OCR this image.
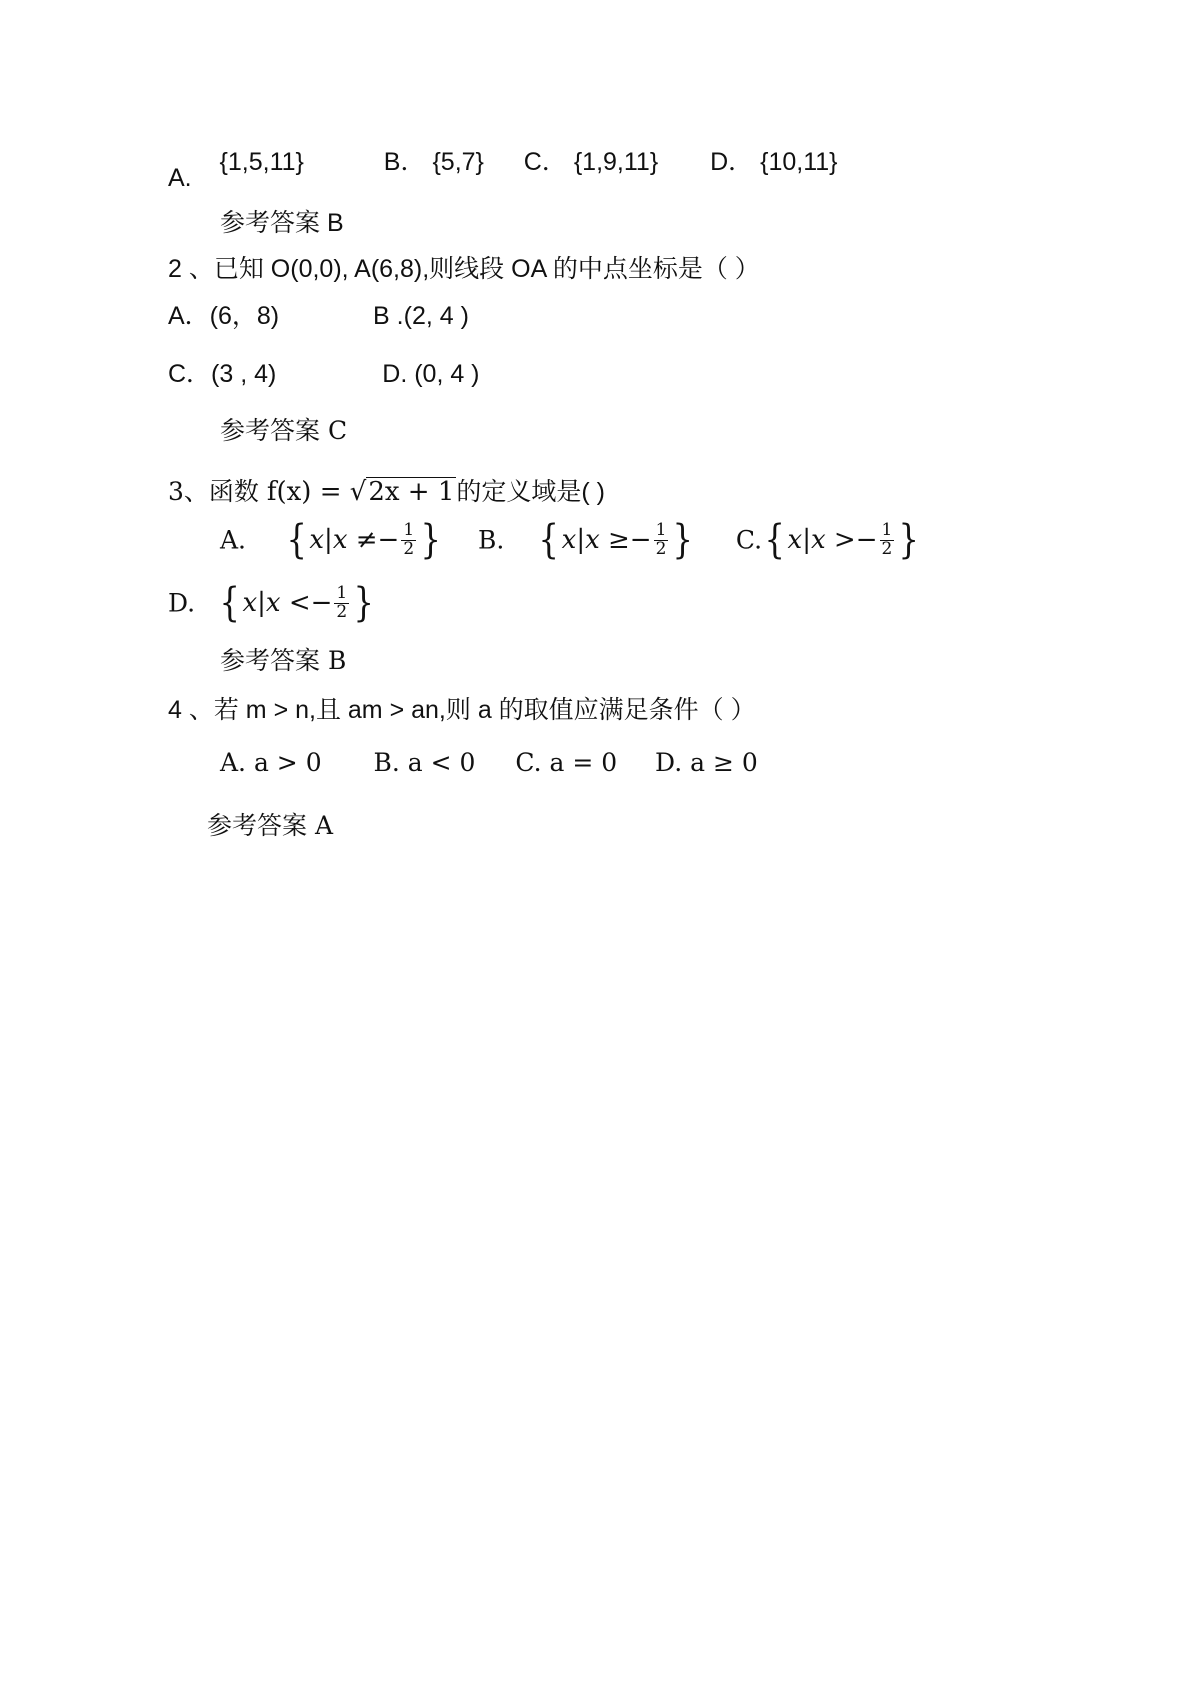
A.  {1,5,11}	B． {5,7} C． {1,9,11} D． {10,11}
参考答案 B
2 、已知 O(0,0), A(6,8),则线段 OA 的中点坐标是（ ）
A．(6，8)	B .(2, 4 )
C．(3 , 4)	D. (0, 4 )
参考答案 C
3、函数 f(x) = √2x + 1的定义域是( )
A. {$x|x \ne- \frac{1}{2}$ } B. {$x|x \ge- \frac{1}{2}$ } $C.\{x|x >- \frac{1}{2}$ }
D. {$x|x <- \frac{1}{2}$ }
参考答案 B
4 、若 m > n,且 am > an,则 a 的取值应满足条件（ ）
A. a > 0 B. a < 0 C. a = 0 D. a ≥ 0
参考答案 A
